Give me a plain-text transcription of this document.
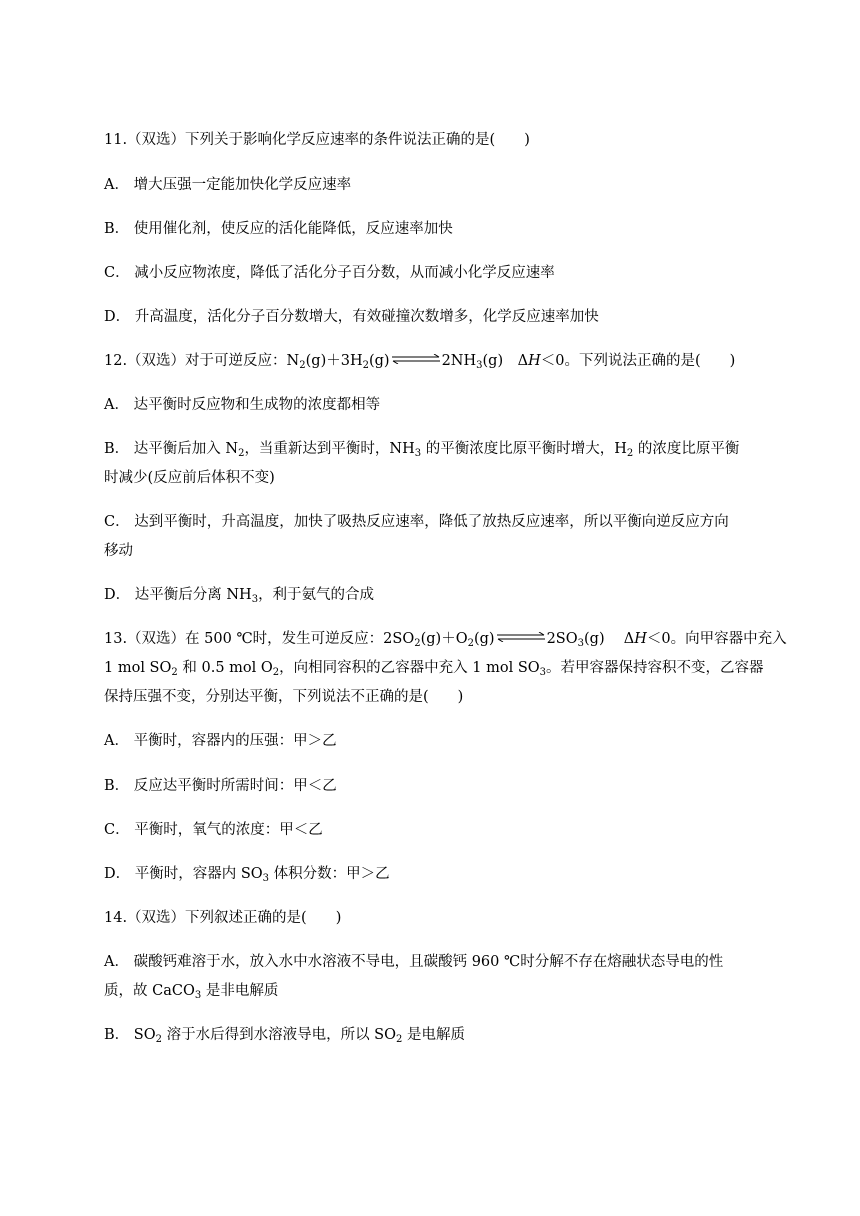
11.（双选）下列关于影响化学反应速率的条件说法正确的是(　　)
A． 增大压强一定能加快化学反应速率
B． 使用催化剂，使反应的活化能降低，反应速率加快
C． 减小反应物浓度，降低了活化分子百分数，从而减小化学反应速率
D． 升高温度，活化分子百分数增大，有效碰撞次数增多，化学反应速率加快
12.（双选）对于可逆反应：$N_2(g)+3H_2(g)\rightleftharpoons 2NH_3(g)$　ΔH＜0。下列说法正确的是(　　)
A． 达平衡时反应物和生成物的浓度都相等
B． 达平衡后加入 $N_2$，当重新达到平衡时，$NH_3$ 的平衡浓度比原平衡时增大，$H_2$ 的浓度比原平衡
时减少(反应前后体积不变)
C． 达到平衡时，升高温度，加快了吸热反应速率，降低了放热反应速率，所以平衡向逆反应方向
移动
D． 达平衡后分离 $NH_3$，利于氨气的合成
13.（双选）在 500 ℃时，发生可逆反应：$2SO_2(g)+O_2(g)\rightleftharpoons 2SO_3(g)$　 ΔH＜0。向甲容器中充入
1 mol $SO_2$ 和 0.5 mol $O_2$，向相同容积的乙容器中充入 1 mol $SO_3$。若甲容器保持容积不变，乙容器
保持压强不变，分别达平衡，下列说法不正确的是(　　)
A． 平衡时，容器内的压强：甲＞乙
B． 反应达平衡时所需时间：甲＜乙
C． 平衡时，氧气的浓度：甲＜乙
D． 平衡时，容器内 $SO_3$ 体积分数：甲＞乙
14.（双选）下列叙述正确的是(　　)
A． 碳酸钙难溶于水，放入水中水溶液不导电，且碳酸钙 960 ℃时分解不存在熔融状态导电的性
质，故 CaCO$_3$ 是非电解质
B． $SO_2$ 溶于水后得到水溶液导电，所以 $SO_2$ 是电解质
